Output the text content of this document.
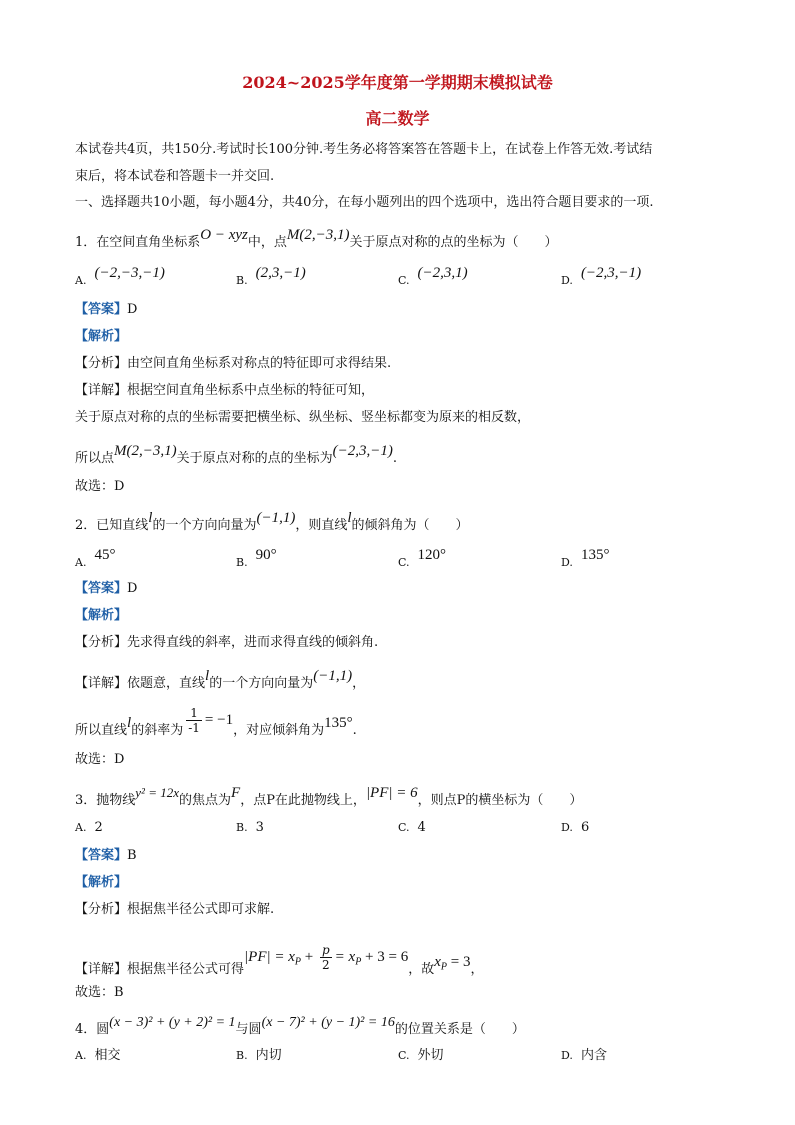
2024~2025学年度第一学期期末模拟试卷
高二数学
本试卷共4页，共150分.考试时长100分钟.考生务必将答案答在答题卡上，在试卷上作答无效.考试结
束后，将本试卷和答题卡一并交回.
一、选择题共10小题，每小题4分，共40分，在每小题列出的四个选项中，选出符合题目要求的一项.
1．在空间直角坐标系O − xyz中，点M(2,−3,1)关于原点对称的点的坐标为（　　）
A. (−2,−3,−1)	B. (2,3,−1)	C. (−2,3,1)	D. (−2,3,−1)
【答案】D
【解析】
【分析】由空间直角坐标系对称点的特征即可求得结果.
【详解】根据空间直角坐标系中点坐标的特征可知，
关于原点对称的点的坐标需要把横坐标、纵坐标、竖坐标都变为原来的相反数，
所以点M(2,−3,1)关于原点对称的点的坐标为(−2,3,−1).
故选：D
2．已知直线l的一个方向向量为(−1,1)，则直线l的倾斜角为（　　）
A. 45°	B. 90°	C. 120°	D. 135°
【答案】D
【解析】
【分析】先求得直线的斜率，进而求得直线的倾斜角.
【详解】依题意，直线l的一个方向向量为(−1,1)，
所以直线l的斜率为 $\frac{1}{-1} = -1$，对应倾斜角为135°.
故选：D
3．抛物线y² = 12x的焦点为F，点P在此抛物线上，|PF| = 6，则点P的横坐标为（　　）
A. 2	B. 3	C. 4	D. 6
【答案】B
【解析】
【分析】根据焦半径公式即可求解.
【详解】根据焦半径公式可得$|PF| = x_P + \frac{p}{2} = x_P + 3 = 6$，故$x_P = 3$，
故选：B
4．圆(x − 3)² + (y + 2)² = 1与圆(x − 7)² + (y − 1)² = 16的位置关系是（　　）
A. 相交	B. 内切	C. 外切	D. 内含
